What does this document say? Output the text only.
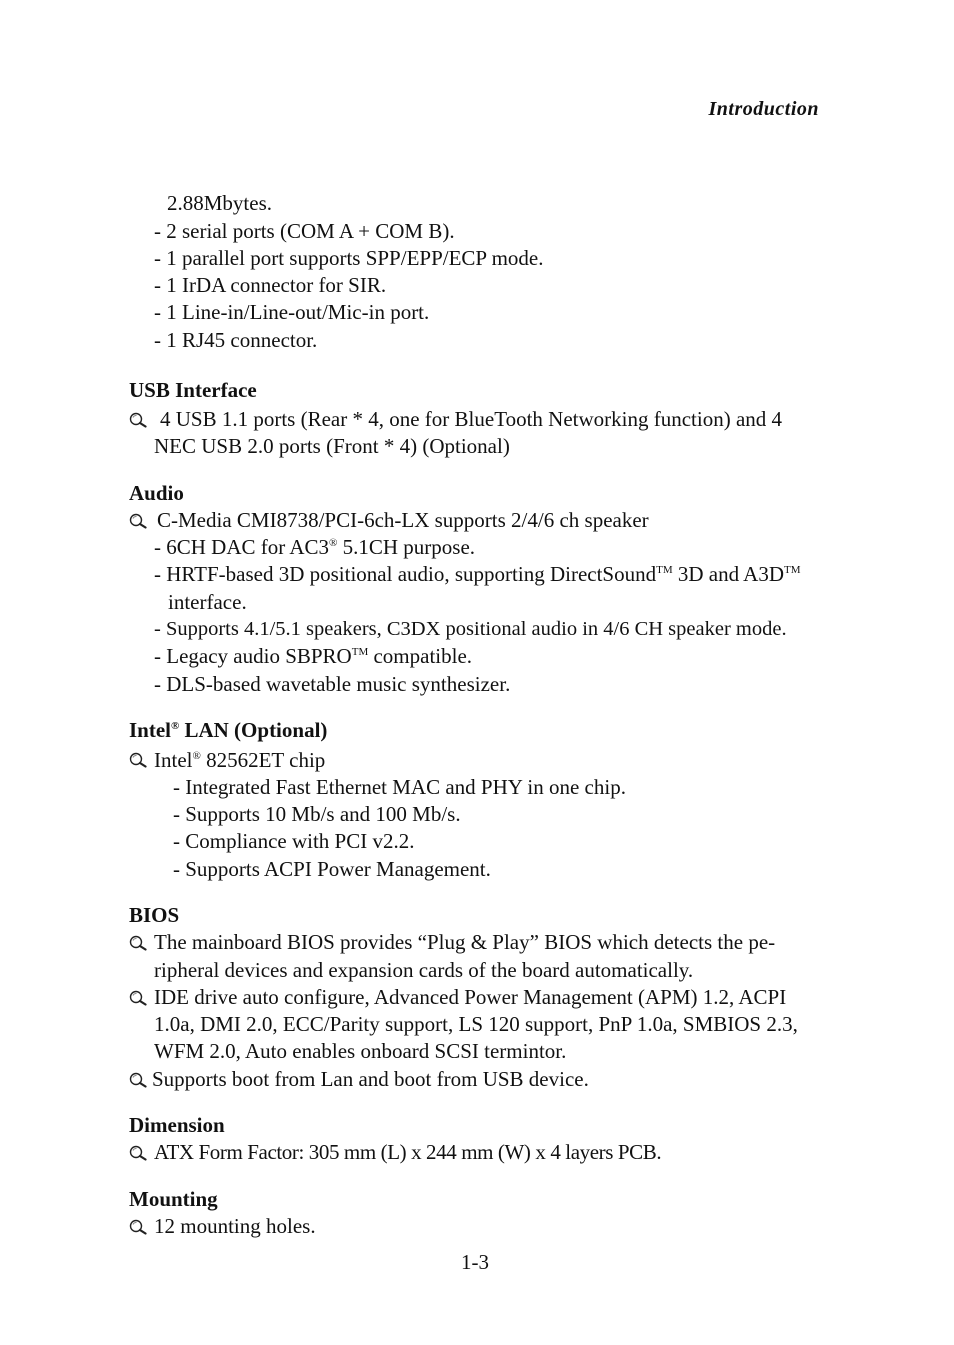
Introduction
2.88Mbytes.
- 2 serial ports (COM A + COM B).
- 1 parallel port supports SPP/EPP/ECP mode.
- 1 IrDA connector for SIR.
- 1 Line-in/Line-out/Mic-in port.
- 1 RJ45 connector.
USB Interface
4 USB 1.1 ports (Rear * 4, one for BlueTooth Networking function) and 4
NEC USB 2.0 ports (Front * 4) (Optional)
Audio
C-Media CMI8738/PCI-6ch-LX supports 2/4/6 ch speaker
- 6CH DAC for AC3® 5.1CH purpose.
- HRTF-based 3D positional audio, supporting DirectSound™ 3D and A3D™
interface.
- Supports 4.1/5.1 speakers, C3DX positional audio in 4/6 CH speaker mode.
- Legacy audio SBPRO™ compatible.
- DLS-based wavetable music synthesizer.
Intel® LAN (Optional)
Intel® 82562ET chip
- Integrated Fast Ethernet MAC and PHY in one chip.
- Supports 10 Mb/s and 100 Mb/s.
- Compliance with PCI v2.2.
- Supports ACPI Power Management.
BIOS
The mainboard BIOS provides “Plug & Play” BIOS which detects the pe-
ripheral devices and expansion cards of the board automatically.
IDE drive auto configure, Advanced Power Management (APM) 1.2, ACPI
1.0a, DMI 2.0, ECC/Parity support, LS 120 support, PnP 1.0a, SMBIOS 2.3,
WFM 2.0, Auto enables onboard SCSI termintor.
Supports boot from Lan and boot from USB device.
Dimension
ATX Form Factor: 305 mm (L) x 244 mm (W) x 4 layers PCB.
Mounting
12 mounting holes.
1-3
